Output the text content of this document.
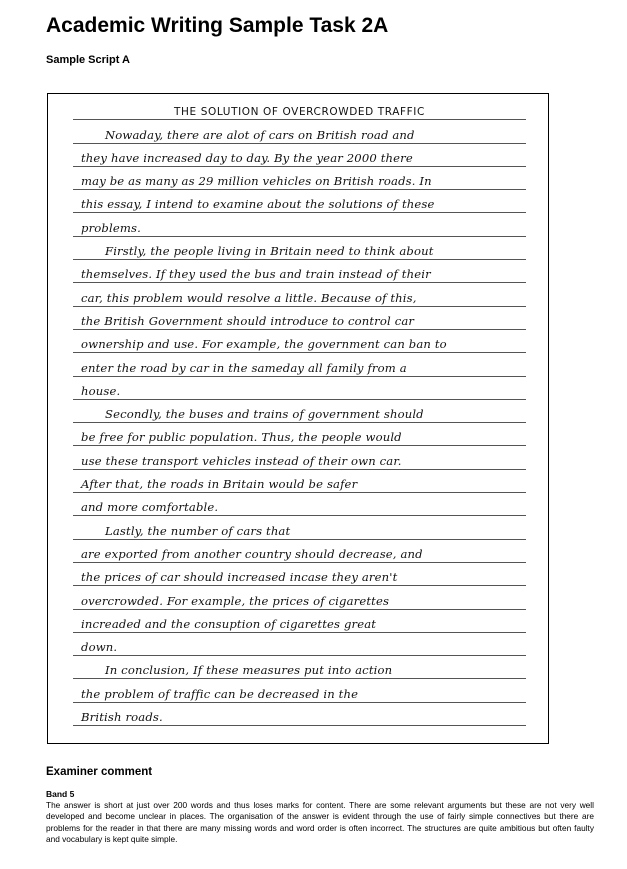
Academic Writing Sample Task 2A
Sample Script A
THE SOLUTION OF OVERCROWDED TRAFFIC
Nowaday, there are alot of cars on British road and
they have increased day to day. By the year 2000 there
may be as many as 29 million vehicles on British roads. In
this essay, I intend to examine about the solutions of these
problems.
Firstly, the people living in Britain need to think about
themselves. If they used the bus and train instead of their
car, this problem would resolve a little. Because of this,
the British Government should introduce to control car
ownership and use. For example, the government can ban to
enter the road by car in the sameday all family from a
house.
Secondly, the buses and trains of government should
be free for public population. Thus, the people would
use these transport vehicles instead of their own car.
After that, the roads in Britain would be safer
and more comfortable.
Lastly, the number of cars that
are exported from another country should decrease, and
the prices of car should increased incase they aren't
overcrowded. For example, the prices of cigarettes
increaded and the consuption of cigarettes great
down.
In conclusion, If these measures put into action
the problem of traffic can be decreased in the
British roads.
Examiner comment

Band 5

The answer is short at just over 200 words and thus loses marks for content. There are some relevant arguments but these are not very well developed and become unclear in places. The organisation of the answer is evident through the use of fairly simple connectives but there are problems for the reader in that there are many missing words and word order is often incorrect. The structures are quite ambitious but often faulty and vocabulary is kept quite simple.
